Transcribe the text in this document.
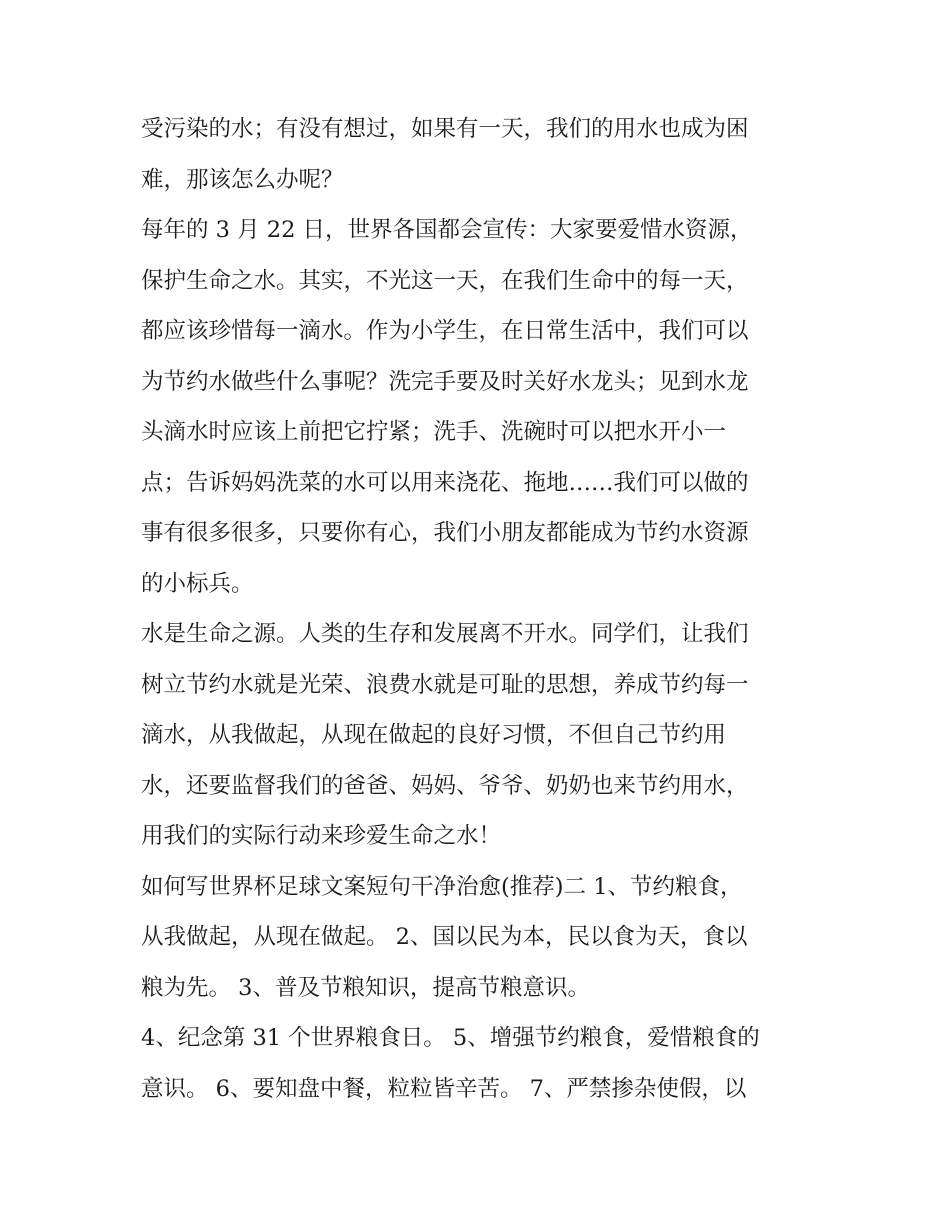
受污染的水；有没有想过，如果有一天，我们的用水也成为困
难，那该怎么办呢？
每年的 3 月 22 日，世界各国都会宣传：大家要爱惜水资源，
保护生命之水。其实，不光这一天，在我们生命中的每一天，
都应该珍惜每一滴水。作为小学生，在日常生活中，我们可以
为节约水做些什么事呢？洗完手要及时关好水龙头；见到水龙
头滴水时应该上前把它拧紧；洗手、洗碗时可以把水开小一
点；告诉妈妈洗菜的水可以用来浇花、拖地……我们可以做的
事有很多很多，只要你有心，我们小朋友都能成为节约水资源
的小标兵。
水是生命之源。人类的生存和发展离不开水。同学们，让我们
树立节约水就是光荣、浪费水就是可耻的思想，养成节约每一
滴水，从我做起，从现在做起的良好习惯，不但自己节约用
水，还要监督我们的爸爸、妈妈、爷爷、奶奶也来节约用水，
用我们的实际行动来珍爱生命之水！
如何写世界杯足球文案短句干净治愈(推荐)二 1、节约粮食，
从我做起，从现在做起。 2、国以民为本，民以食为天，食以
粮为先。 3、普及节粮知识，提高节粮意识。
4、纪念第 31 个世界粮食日。 5、增强节约粮食，爱惜粮食的
意识。 6、要知盘中餐，粒粒皆辛苦。 7、严禁掺杂使假，以
